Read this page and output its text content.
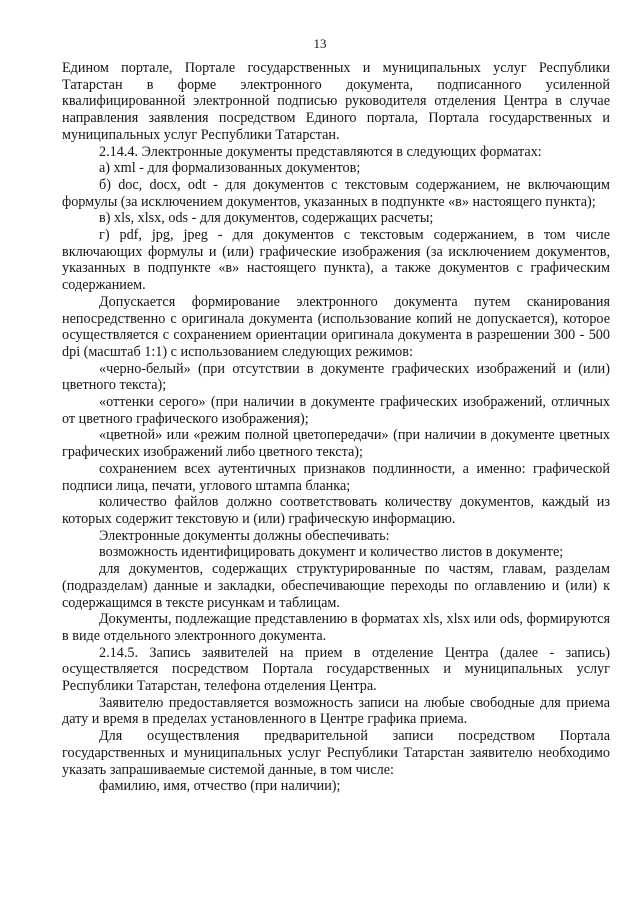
13

Едином портале, Портале государственных и муниципальных услуг Республики Татарстан в форме электронного документа, подписанного усиленной квалифицированной электронной подписью руководителя отделения Центра в случае направления заявления посредством Единого портала, Портала государственных и муниципальных услуг Республики Татарстан.

2.14.4. Электронные документы представляются в следующих форматах:

а) xml - для формализованных документов;

б) doc, docx, odt - для документов с текстовым содержанием, не включающим формулы (за исключением документов, указанных в подпункте «в» настоящего пункта);

в) xls, xlsx, ods - для документов, содержащих расчеты;

г) pdf, jpg, jpeg - для документов с текстовым содержанием, в том числе включающих формулы и (или) графические изображения (за исключением документов, указанных в подпункте «в» настоящего пункта), а также документов с графическим содержанием.

Допускается формирование электронного документа путем сканирования непосредственно с оригинала документа (использование копий не допускается), которое осуществляется с сохранением ориентации оригинала документа в разрешении 300 - 500 dpi (масштаб 1:1) с использованием следующих режимов:

«черно-белый» (при отсутствии в документе графических изображений и (или) цветного текста);

«оттенки серого» (при наличии в документе графических изображений, отличных от цветного графического изображения);

«цветной» или «режим полной цветопередачи» (при наличии в документе цветных графических изображений либо цветного текста);

сохранением всех аутентичных признаков подлинности, а именно: графической подписи лица, печати, углового штампа бланка;

количество файлов должно соответствовать количеству документов, каждый из которых содержит текстовую и (или) графическую информацию.

Электронные документы должны обеспечивать:

возможность идентифицировать документ и количество листов в документе;

для документов, содержащих структурированные по частям, главам, разделам (подразделам) данные и закладки, обеспечивающие переходы по оглавлению и (или) к содержащимся в тексте рисункам и таблицам.

Документы, подлежащие представлению в форматах xls, xlsx или ods, формируются в виде отдельного электронного документа.

2.14.5. Запись заявителей на прием в отделение Центра (далее - запись) осуществляется посредством Портала государственных и муниципальных услуг Республики Татарстан, телефона отделения Центра.

Заявителю предоставляется возможность записи на любые свободные для приема дату и время в пределах установленного в Центре графика приема.

Для осуществления предварительной записи посредством Портала государственных и муниципальных услуг Республики Татарстан заявителю необходимо указать запрашиваемые системой данные, в том числе:

фамилию, имя, отчество (при наличии);
